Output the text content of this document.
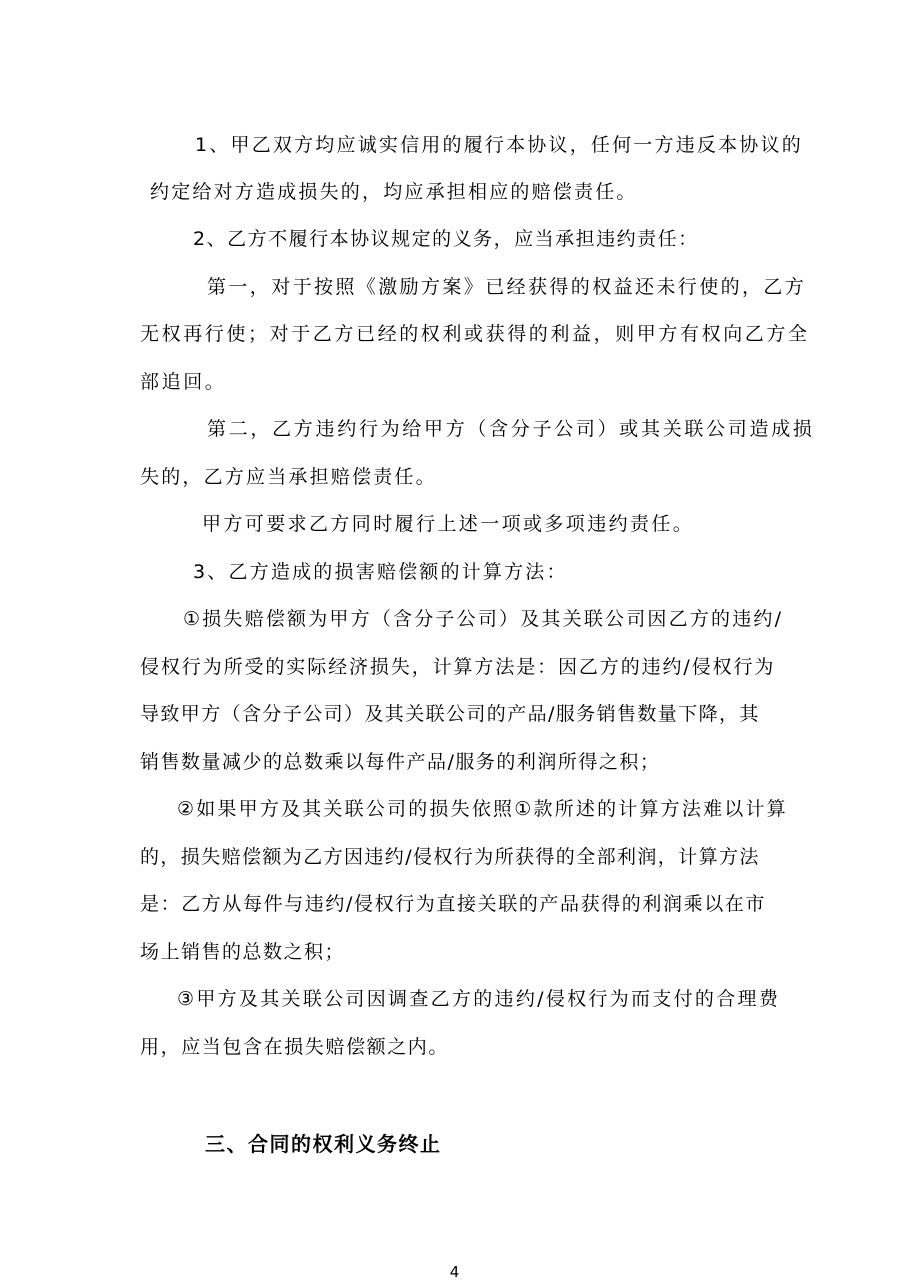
1、甲乙双方均应诚实信用的履行本协议，任何一方违反本协议的
约定给对方造成损失的，均应承担相应的赔偿责任。
2、乙方不履行本协议规定的义务，应当承担违约责任：
第一，对于按照《激励方案》已经获得的权益还未行使的，乙方
无权再行使；对于乙方已经的权利或获得的利益，则甲方有权向乙方全
部追回。
第二，乙方违约行为给甲方（含分子公司）或其关联公司造成损
失的，乙方应当承担赔偿责任。
甲方可要求乙方同时履行上述一项或多项违约责任。
3、乙方造成的损害赔偿额的计算方法：
①损失赔偿额为甲方（含分子公司）及其关联公司因乙方的违约/
侵权行为所受的实际经济损失，计算方法是：因乙方的违约/侵权行为
导致甲方（含分子公司）及其关联公司的产品/服务销售数量下降，其
销售数量减少的总数乘以每件产品/服务的利润所得之积；
②如果甲方及其关联公司的损失依照①款所述的计算方法难以计算
的，损失赔偿额为乙方因违约/侵权行为所获得的全部利润，计算方法
是：乙方从每件与违约/侵权行为直接关联的产品获得的利润乘以在市
场上销售的总数之积；
③甲方及其关联公司因调查乙方的违约/侵权行为而支付的合理费
用，应当包含在损失赔偿额之内。
三、合同的权利义务终止
4
